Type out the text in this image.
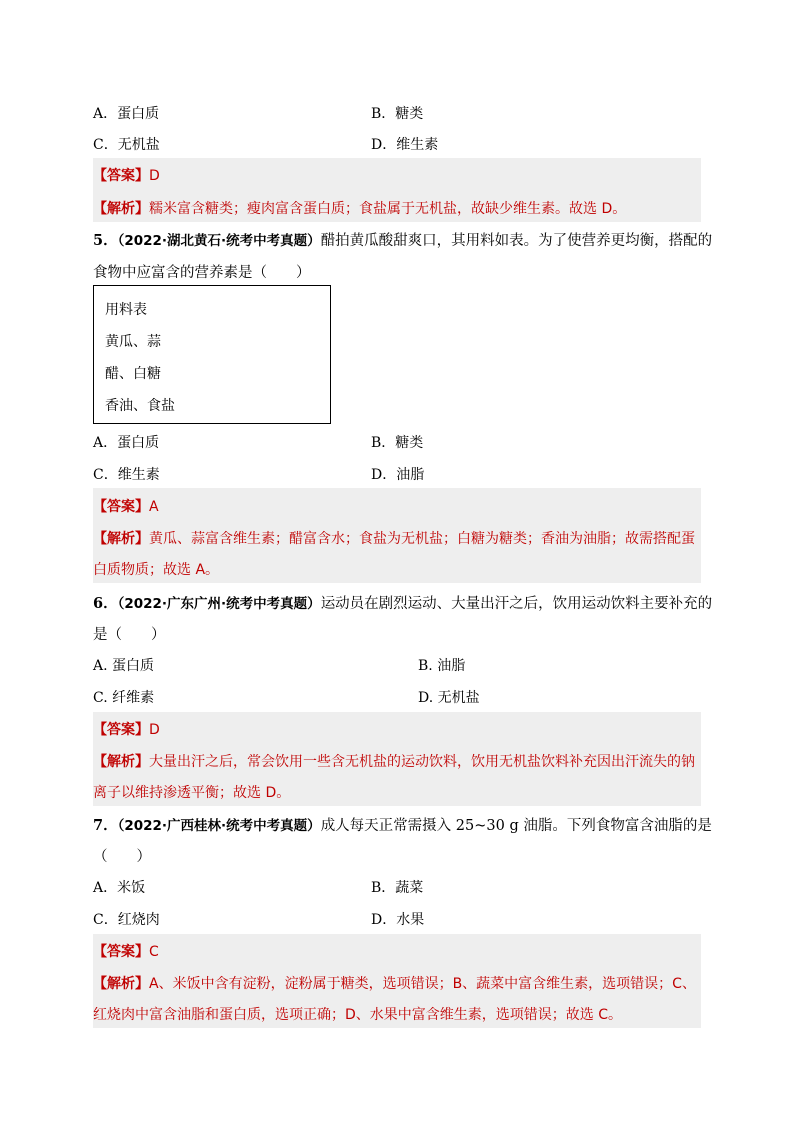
A．蛋白质	B．糖类
C．无机盐	D．维生素
【答案】D
【解析】糯米富含糖类；瘦肉富含蛋白质；食盐属于无机盐，故缺少维生素。故选 D。
5．（2022·湖北黄石·统考中考真题）醋拍黄瓜酸甜爽口，其用料如表。为了使营养更均衡，搭配的
食物中应富含的营养素是（　　）
用料表
黄瓜、蒜
醋、白糖
香油、食盐
A．蛋白质	B．糖类
C．维生素	D．油脂
【答案】A
【解析】黄瓜、蒜富含维生素；醋富含水；食盐为无机盐；白糖为糖类；香油为油脂；故需搭配蛋
白质物质；故选 A。
6．（2022·广东广州·统考中考真题）运动员在剧烈运动、大量出汗之后，饮用运动饮料主要补充的
是（　　）
A. 蛋白质	B. 油脂
C. 纤维素	D. 无机盐
【答案】D
【解析】大量出汗之后，常会饮用一些含无机盐的运动饮料，饮用无机盐饮料补充因出汗流失的钠
离子以维持渗透平衡；故选 D。
7．（2022·广西桂林·统考中考真题）成人每天正常需摄入 25~30 g 油脂。下列食物富含油脂的是
（　　）
A．米饭	B．蔬菜
C．红烧肉	D．水果
【答案】C
【解析】A、米饭中含有淀粉，淀粉属于糖类，选项错误；B、蔬菜中富含维生素，选项错误；C、
红烧肉中富含油脂和蛋白质，选项正确；D、水果中富含维生素，选项错误；故选 C。
